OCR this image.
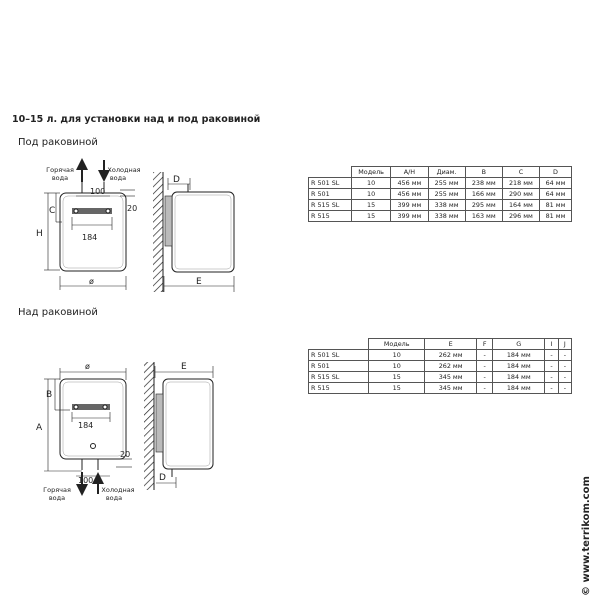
10–15 л. для установки над и под раковиной
Под раковиной
Над раковиной
Горячая
вода
Холодная
вода
100
20
184
C
H
ø
D
E
ø
B
A	184
20
100
E
D
Горячая
вода
Холодная
вода
	Модель	A/H	Диам.	B	C	D
R 501 SL	10	456 мм	255 мм	238 мм	218 мм	64 мм
R 501	10	456 мм	255 мм	166 мм	290 мм	64 мм
R 515 SL	15	399 мм	338 мм	295 мм	164 мм	81 мм
R 515	15	399 мм	338 мм	163 мм	296 мм	81 мм
	Модель	E	F	G	I	J
R 501 SL	10	262 мм	-	184 мм	-	-
R 501	10	262 мм	-	184 мм	-	-
R 515 SL	15	345 мм	-	184 мм	-	-
R 515	15	345 мм	-	184 мм	-	-
© www.terrikom.com
